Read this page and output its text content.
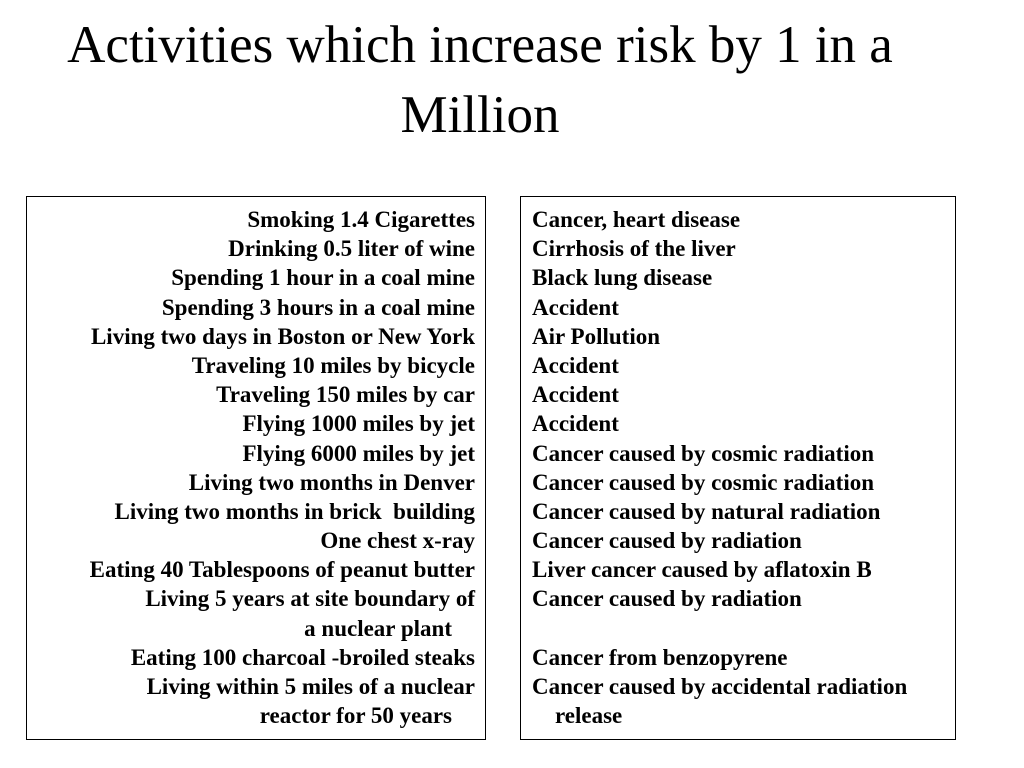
Activities which increase risk by 1 in a
Million
Smoking 1.4 Cigarettes
Drinking 0.5 liter of wine
Spending 1 hour in a coal mine
Spending 3 hours in a coal mine
Living two days in Boston or New York
Traveling 10 miles by bicycle
Traveling 150 miles by car
Flying 1000 miles by jet
Flying 6000 miles by jet
Living two months in Denver
Living two months in brick  building
One chest x-ray
Eating 40 Tablespoons of peanut butter
Living 5 years at site boundary of
a nuclear plant
Eating 100 charcoal -broiled steaks
Living within 5 miles of a nuclear
reactor for 50 years
Cancer, heart disease
Cirrhosis of the liver
Black lung disease
Accident
Air Pollution
Accident
Accident
Accident
Cancer caused by cosmic radiation
Cancer caused by cosmic radiation
Cancer caused by natural radiation
Cancer caused by radiation
Liver cancer caused by aflatoxin B
Cancer caused by radiation
Cancer from benzopyrene
Cancer caused by accidental radiation
release
